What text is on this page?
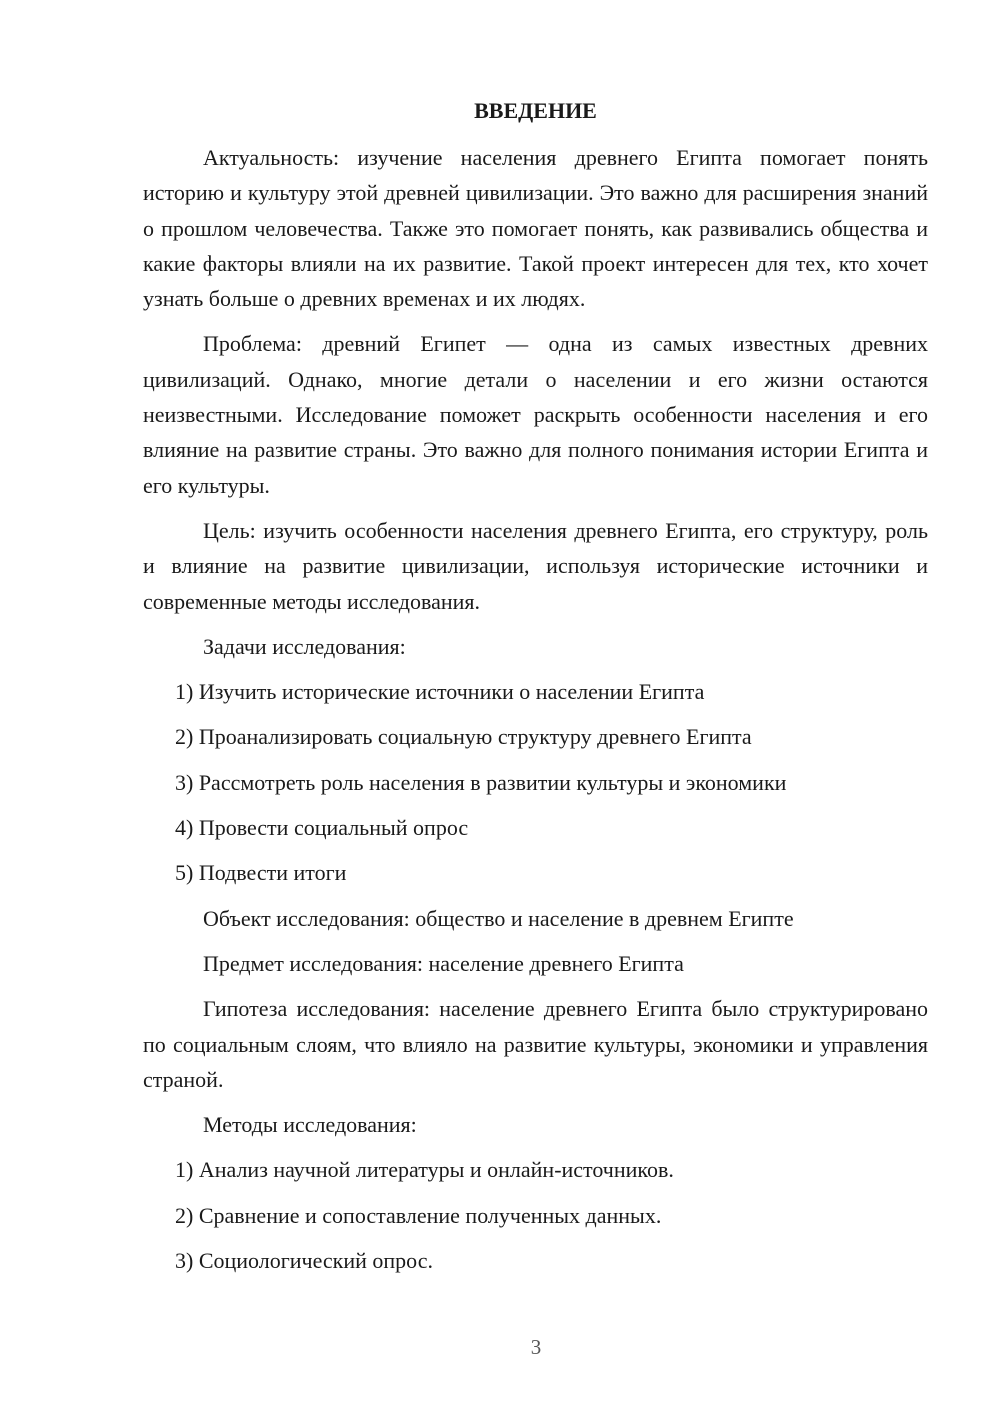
ВВЕДЕНИЕ

Актуальность: изучение населения древнего Египта помогает понять историю и культуру этой древней цивилизации. Это важно для расширения знаний о прошлом человечества. Также это помогает понять, как развивались общества и какие факторы влияли на их развитие. Такой проект интересен для тех, кто хочет узнать больше о древних временах и их людях.

Проблема: древний Египет — одна из самых известных древних цивилизаций. Однако, многие детали о населении и его жизни остаются неизвестными. Исследование поможет раскрыть особенности населения и его влияние на развитие страны. Это важно для полного понимания истории Египта и его культуры.

Цель: изучить особенности населения древнего Египта, его структуру, роль и влияние на развитие цивилизации, используя исторические источники и современные методы исследования.

Задачи исследования:

1) Изучить исторические источники о населении Египта

2) Проанализировать социальную структуру древнего Египта

3) Рассмотреть роль населения в развитии культуры и экономики

4) Провести социальный опрос

5) Подвести итоги

Объект исследования: общество и население в древнем Египте

Предмет исследования: население древнего Египта

Гипотеза исследования: население древнего Египта было структурировано по социальным слоям, что влияло на развитие культуры, экономики и управления страной.

Методы исследования:

1) Анализ научной литературы и онлайн-источников.

2) Сравнение и сопоставление полученных данных.

3) Социологический опрос.

3
